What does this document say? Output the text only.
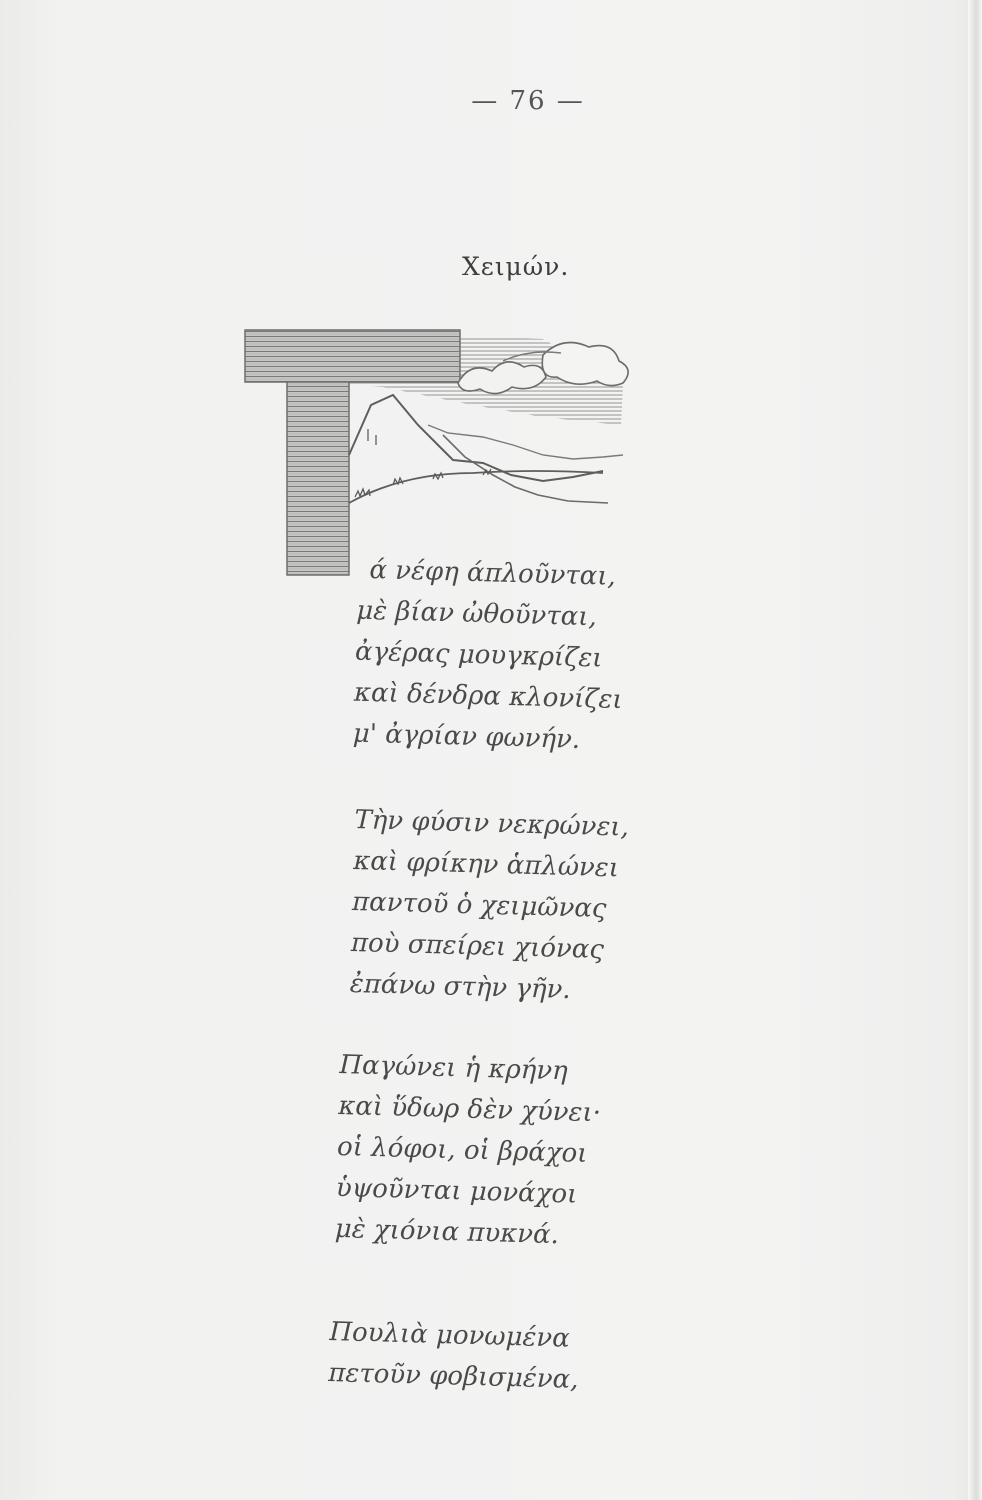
— 76 —
Χειμών.
ά νέφη άπλοῦνται,
μὲ βίαν ὠθοῦνται,
ἀγέρας μουγκρίζει
καὶ δένδρα κλονίζει
μ' ἀγρίαν φωνήν.
Τὴν φύσιν νεκρώνει,
καὶ φρίκην ἁπλώνει
παντοῦ ὁ χειμῶνας
ποὺ σπείρει χιόνας
ἐπάνω στὴν γῆν.
Παγώνει ἡ κρήνη
καὶ ὕδωρ δὲν χύνει·
οἱ λόφοι, οἱ βράχοι
ὑψοῦνται μονάχοι
μὲ χιόνια πυκνά.
Πουλιὰ μονωμένα
πετοῦν φοβισμένα,
